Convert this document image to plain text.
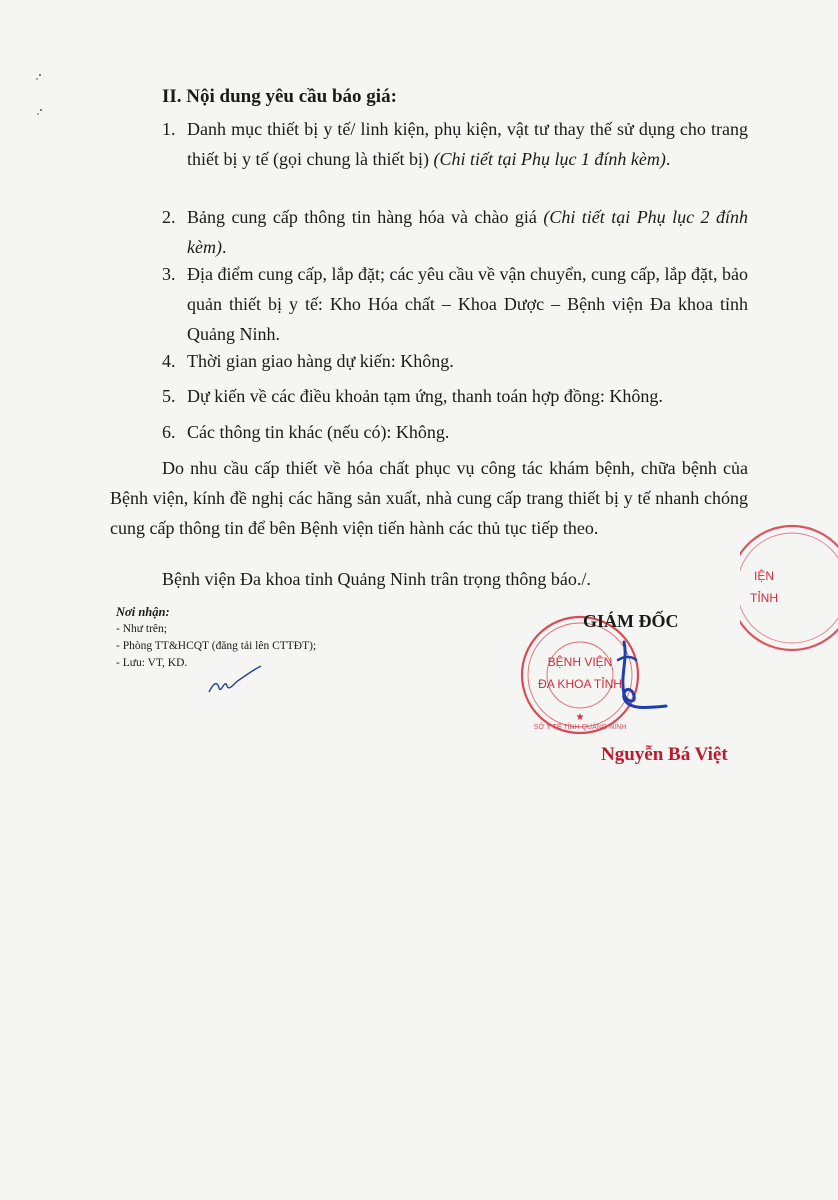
II. Nội dung yêu cầu báo giá:
1. Danh mục thiết bị y tế/ linh kiện, phụ kiện, vật tư thay thế sử dụng cho trang thiết bị y tế (gọi chung là thiết bị) (Chi tiết tại Phụ lục 1 đính kèm).
2. Bảng cung cấp thông tin hàng hóa và chào giá (Chi tiết tại Phụ lục 2 đính kèm).
3. Địa điểm cung cấp, lắp đặt; các yêu cầu về vận chuyển, cung cấp, lắp đặt, bảo quản thiết bị y tế: Kho Hóa chất – Khoa Dược – Bệnh viện Đa khoa tỉnh Quảng Ninh.
4. Thời gian giao hàng dự kiến: Không.
5. Dự kiến về các điều khoản tạm ứng, thanh toán hợp đồng: Không.
6. Các thông tin khác (nếu có): Không.
Do nhu cầu cấp thiết về hóa chất phục vụ công tác khám bệnh, chữa bệnh của Bệnh viện, kính đề nghị các hãng sản xuất, nhà cung cấp trang thiết bị y tế nhanh chóng cung cấp thông tin để bên Bệnh viện tiến hành các thủ tục tiếp theo.
Bệnh viện Đa khoa tỉnh Quảng Ninh trân trọng thông báo./.
Nơi nhận:
- Như trên;
- Phòng TT&HCQT (đăng tải lên CTTĐT);
- Lưu: VT, KD.	BỆNH VIỆN
ĐA KHOA TỈNH
SỞ Y TẾ TỈNH QUẢNG NINH
★
GIÁM ĐỐC
Nguyễn Bá Việt
IỆN
TỈNH
